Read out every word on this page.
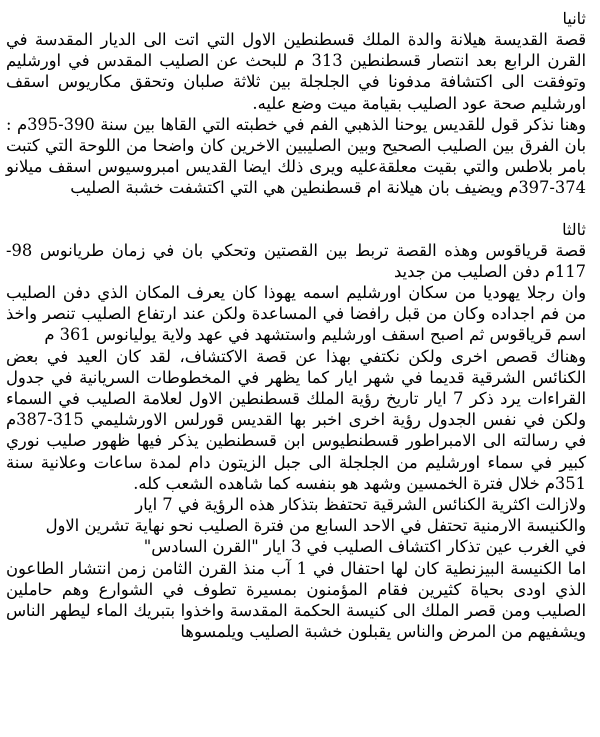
ثانيا

قصة القديسة هيلانة والدة الملك قسطنطين الاول التي اتت الى الديار المقدسة في القرن الرابع بعد انتصار قسطنطين 313 م للبحث عن الصليب المقدس في اورشليم وتوفقت الى اكتشافة مدفونا في الجلجلة بين ثلاثة صلبان وتحقق مكاريوس اسقف اورشليم صحة عود الصليب بقيامة ميت وضع عليه.

وهنا نذكر قول للقديس يوحنا الذهبي الفم في خطبته التي القاها بين سنة 390-395م : بان الفرق بين الصليب الصحيح وبين الصليبين الاخرين كان واضحا من اللوحة التي كتبت بامر بلاطس والتي بقيت معلقةعليه ويرى ذلك ايضا القديس امبروسيوس اسقف ميلانو 374-397م ويضيف بان هيلانة ام قسطنطين هي التي اكتشفت خشبة الصليب

ثالثا

قصة قرياقوس وهذه القصة تربط بين القصتين وتحكي بان في زمان طريانوس 98-117م دفن الصليب من جديد

وان رجلا يهوديا من سكان اورشليم اسمه يهوذا كان يعرف المكان الذي دفن الصليب من فم اجداده وكان من قبل رافضا في المساعدة ولكن عند ارتفاع الصليب تنصر واخذ اسم قرياقوس ثم اصبح اسقف اورشليم واستشهد في عهد ولاية يوليانوس 361 م

وهناك قصص اخرى ولكن نكتفي بهذا عن قصة الاكتشاف، لقد كان العيد في بعض الكنائس الشرقية قديما في شهر ايار كما يظهر في المخطوطات السريانية في جدول القراءات يرد ذكر 7 ايار تاريخ رؤية الملك قسطنطين الاول لعلامة الصليب في السماء ولكن في نفس الجدول رؤية اخرى اخبر بها القديس قورلس الاورشليمي 315-387م في رسالته الى الامبراطور قسطنطيوس ابن قسطنطين يذكر فيها ظهور صليب نوري كبير في سماء اورشليم من الجلجلة الى جبل الزيتون دام لمدة ساعات وعلانية سنة 351م خلال فترة الخمسين وشهد هو بنفسه كما شاهده الشعب كله.

ولازالت اكثرية الكنائس الشرقية تحتفظ بتذكار هذه الرؤية في 7 ايار

والكنيسة الارمنية تحتفل في الاحد السابع من فترة الصليب نحو نهاية تشرين الاول

في الغرب عين تذكار اكتشاف الصليب في 3 ايار "القرن السادس"

اما الكنيسة البيزنطية كان لها احتفال في 1 آب منذ القرن الثامن زمن انتشار الطاعون الذي اودى بحياة كثيرين فقام المؤمنون بمسيرة تطوف في الشوارع وهم حاملين الصليب ومن قصر الملك الى كنيسة الحكمة المقدسة واخذوا بتبريك الماء ليطهر الناس ويشفيهم من المرض والناس يقبلون خشبة الصليب ويلمسوها
